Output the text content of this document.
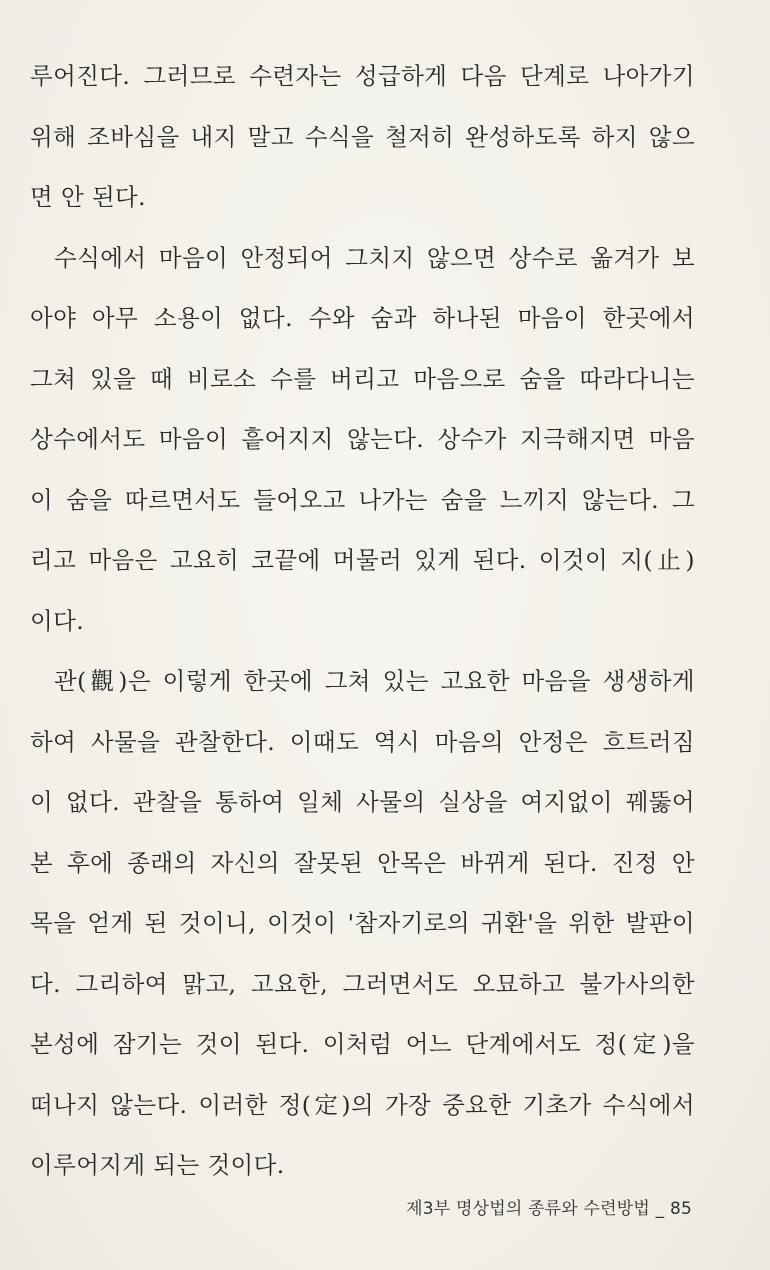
루어진다. 그러므로 수련자는 성급하게 다음 단계로 나아가기
위해 조바심을 내지 말고 수식을 철저히 완성하도록 하지 않으
면 안 된다.
수식에서 마음이 안정되어 그치지 않으면 상수로 옮겨가 보
아야 아무 소용이 없다. 수와 숨과 하나된 마음이 한곳에서
그쳐 있을 때 비로소 수를 버리고 마음으로 숨을 따라다니는
상수에서도 마음이 흩어지지 않는다. 상수가 지극해지면 마음
이 숨을 따르면서도 들어오고 나가는 숨을 느끼지 않는다. 그
리고 마음은 고요히 코끝에 머물러 있게 된다. 이것이 지(止)
이다.
관(觀)은 이렇게 한곳에 그쳐 있는 고요한 마음을 생생하게
하여 사물을 관찰한다. 이때도 역시 마음의 안정은 흐트러짐
이 없다. 관찰을 통하여 일체 사물의 실상을 여지없이 꿰뚫어
본 후에 종래의 자신의 잘못된 안목은 바뀌게 된다. 진정 안
목을 얻게 된 것이니, 이것이 '참자기로의 귀환'을 위한 발판이
다. 그리하여 맑고, 고요한, 그러면서도 오묘하고 불가사의한
본성에 잠기는 것이 된다. 이처럼 어느 단계에서도 정(定)을
떠나지 않는다. 이러한 정(定)의 가장 중요한 기초가 수식에서
이루어지게 되는 것이다.
제3부 명상법의 종류와 수련방법 _ 85
